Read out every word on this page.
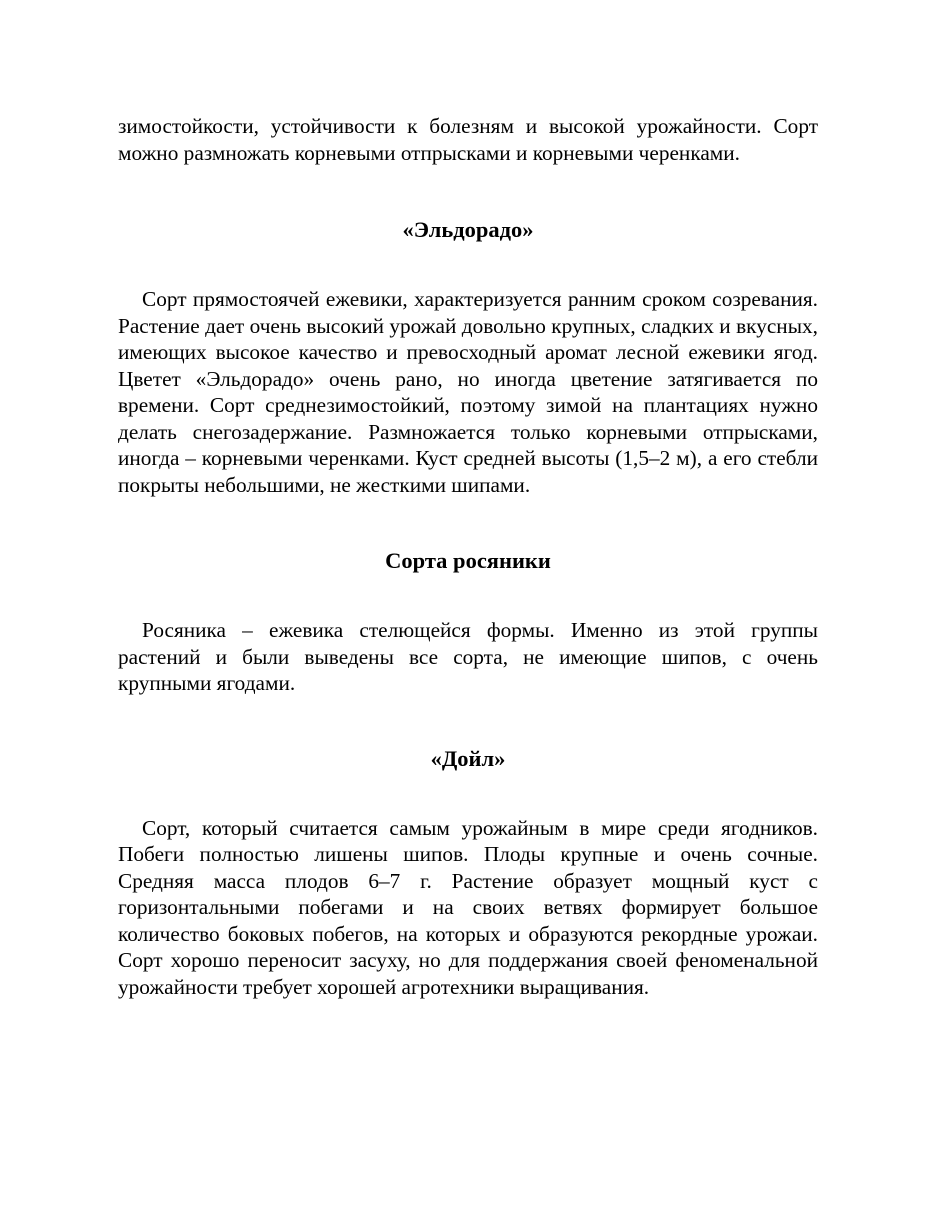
зимостойкости, устойчивости к болезням и высокой урожайности. Сорт можно размножать корневыми отпрысками и корневыми черенками.

«Эльдорадо»

Сорт прямостоячей ежевики, характеризуется ранним сроком созревания. Растение дает очень высокий урожай довольно крупных, сладких и вкусных, имеющих высокое качество и превосходный аромат лесной ежевики ягод. Цветет «Эльдорадо» очень рано, но иногда цветение затягивается по времени. Сорт среднезимостойкий, поэтому зимой на плантациях нужно делать снегозадержание. Размножается только корневыми отпрысками, иногда – корневыми черенками. Куст средней высоты (1,5–2 м), а его стебли покрыты небольшими, не жесткими шипами.

Сорта росяники

Росяника – ежевика стелющейся формы. Именно из этой группы растений и были выведены все сорта, не имеющие шипов, с очень крупными ягодами.

«Дойл»

Сорт, который считается самым урожайным в мире среди ягодников. Побеги полностью лишены шипов. Плоды крупные и очень сочные. Средняя масса плодов 6–7 г. Растение образует мощный куст с горизонтальными побегами и на своих ветвях формирует большое количество боковых побегов, на которых и образуются рекордные урожаи. Сорт хорошо переносит засуху, но для поддержания своей феноменальной урожайности требует хорошей агротехники выращивания.
